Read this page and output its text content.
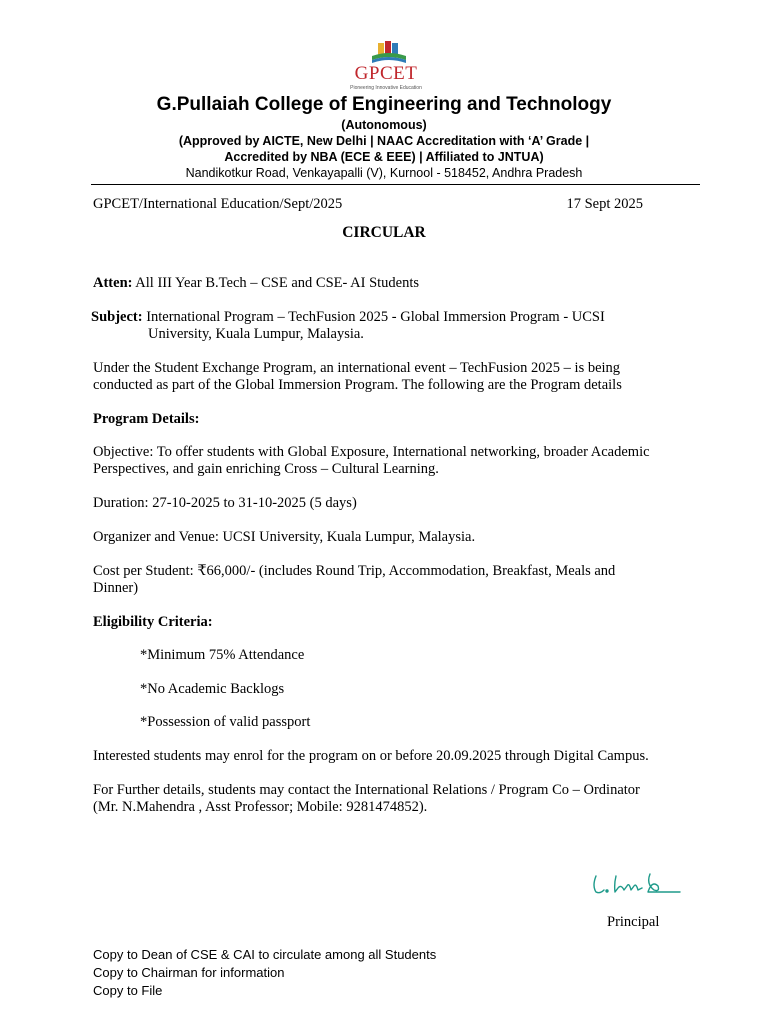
GPCET
Pioneering Innovative Education
G.Pullaiah College of Engineering and Technology
(Autonomous)
(Approved by AICTE, New Delhi | NAAC Accreditation with ‘A’ Grade |
Accredited by NBA (ECE & EEE) | Affiliated to JNTUA)
Nandikotkur Road, Venkayapalli (V), Kurnool - 518452, Andhra Pradesh
GPCET/International Education/Sept/2025	17 Sept 2025
CIRCULAR
Atten: All III Year B.Tech – CSE and CSE- AI Students
Subject: International Program – TechFusion 2025 - Global Immersion Program - UCSI
University, Kuala Lumpur, Malaysia.
Under the Student Exchange Program, an international event – TechFusion 2025 – is being
conducted as part of the Global Immersion Program. The following are the Program details
Program Details:
Objective: To offer students with Global Exposure, International networking, broader Academic
Perspectives, and gain enriching Cross – Cultural Learning.
Duration: 27-10-2025 to 31-10-2025 (5 days)
Organizer and Venue: UCSI University, Kuala Lumpur, Malaysia.
Cost per Student: ₹66,000/- (includes Round Trip, Accommodation, Breakfast, Meals and
Dinner)
Eligibility Criteria:
*Minimum 75% Attendance
*No Academic Backlogs
*Possession of valid passport
Interested students may enrol for the program on or before 20.09.2025 through Digital Campus.
For Further details, students may contact the International Relations / Program Co – Ordinator
(Mr. N.Mahendra , Asst Professor; Mobile: 9281474852).
Principal
Copy to Dean of CSE & CAI to circulate among all Students
Copy to Chairman for information
Copy to File
